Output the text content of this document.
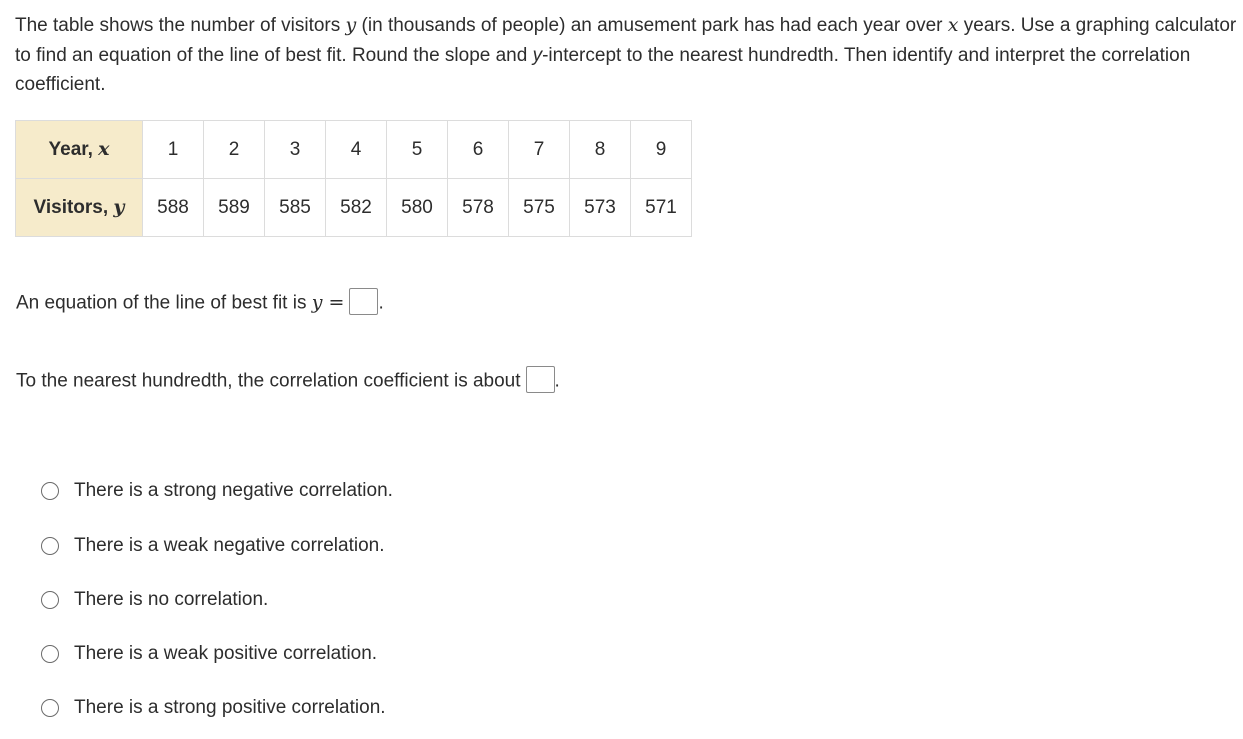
The table shows the number of visitors y (in thousands of people) an amusement park has had each year over x years. Use a graphing calculator to find an equation of the line of best fit. Round the slope and y-intercept to the nearest hundredth. Then identify and interpret the correlation coefficient.

Year, x	1	2	3	4	5	6	7	8	9
Visitors, y	588	589	585	582	580	578	575	573	571

An equation of the line of best fit is y = .

To the nearest hundredth, the correlation coefficient is about .

There is a strong negative correlation.
There is a weak negative correlation.
There is no correlation.
There is a weak positive correlation.
There is a strong positive correlation.
